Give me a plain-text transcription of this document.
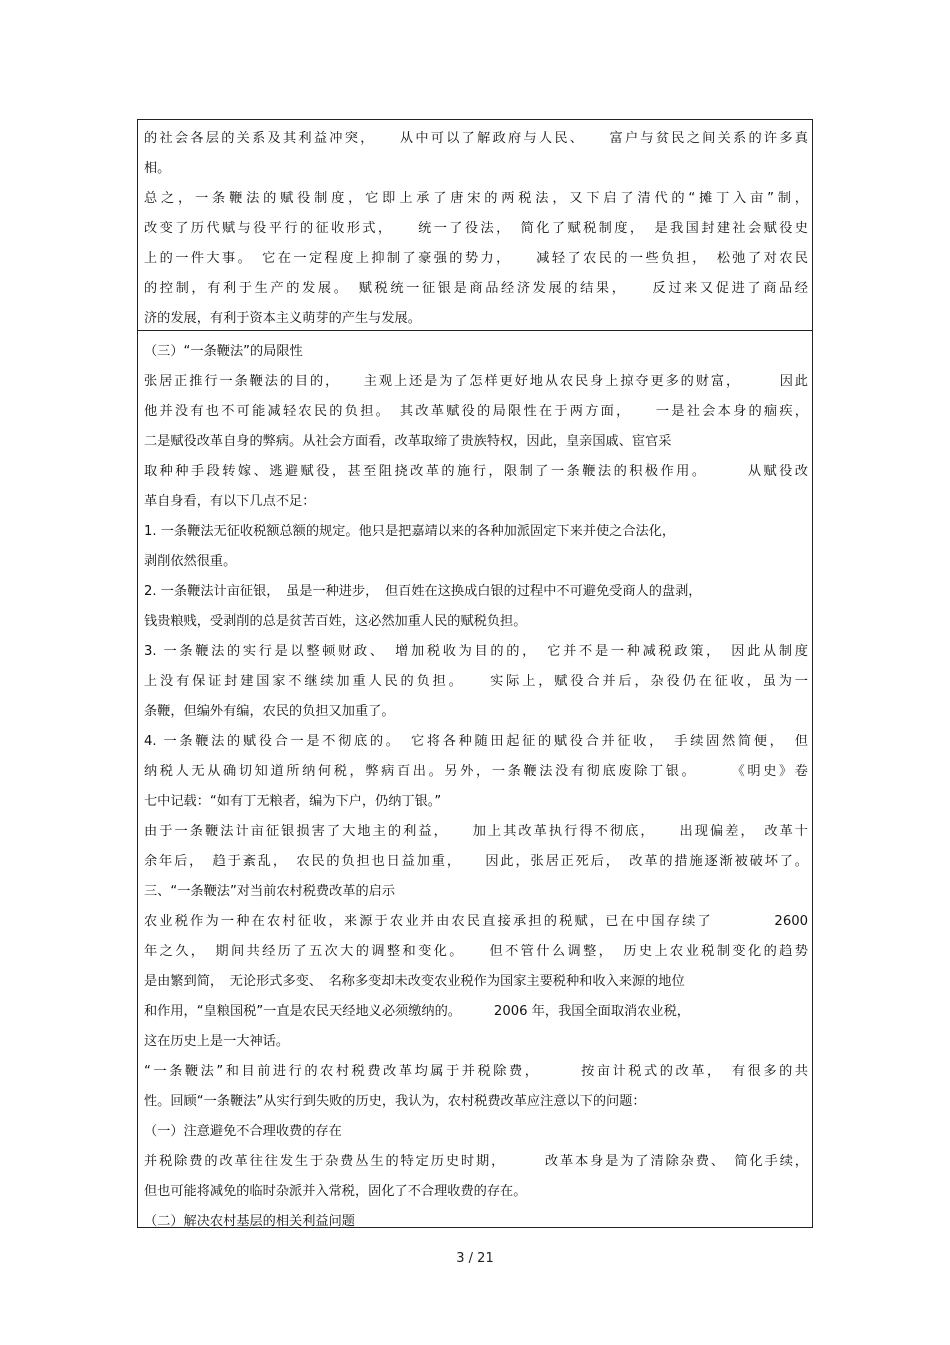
的社会各层的关系及其利益冲突，　　从中可以了解政府与人民、　　富户与贫民之间关系的许多真
相。
总之，一条鞭法的赋役制度，它即上承了唐宋的两税法，又下启了清代的“摊丁入亩”制，
改变了历代赋与役平行的征收形式，　　统一了役法，　简化了赋税制度，　是我国封建社会赋役史
上的一件大事。　它在一定程度上抑制了豪强的势力，　　减轻了农民的一些负担，　松弛了对农民
的控制，有利于生产的发展。　赋税统一征银是商品经济发展的结果，　　反过来又促进了商品经
济的发展，有利于资本主义萌芽的产生与发展。
（三）“一条鞭法”的局限性
张居正推行一条鞭法的目的，　　主观上还是为了怎样更好地从农民身上掠夺更多的财富，　　　因此
他并没有也不可能减轻农民的负担。　其改革赋役的局限性在于两方面，　　一是社会本身的痼疾，
二是赋役改革自身的弊病。从社会方面看，改革取缔了贵族特权，因此，皇亲国戚、宦官采
取种种手段转嫁、逃避赋役，甚至阻挠改革的施行，限制了一条鞭法的积极作用。　　　从赋役改
革自身看，有以下几点不足：
1. 一条鞭法无征收税额总额的规定。他只是把嘉靖以来的各种加派固定下来并使之合法化，
剥削依然很重。
2. 一条鞭法计亩征银，　虽是一种进步，　但百姓在这换成白银的过程中不可避免受商人的盘剥，
钱贵粮贱，受剥削的总是贫苦百姓，这必然加重人民的赋税负担。
3. 一条鞭法的实行是以整顿财政、　增加税收为目的的，　它并不是一种减税政策，　因此从制度
上没有保证封建国家不继续加重人民的负担。　　实际上，赋役合并后，杂役仍在征收，虽为一
条鞭，但编外有编，农民的负担又加重了。
4. 一条鞭法的赋役合一是不彻底的。　它将各种随田起征的赋役合并征收，　手续固然简便，　但
纳税人无从确切知道所纳何税，弊病百出。另外，一条鞭法没有彻底废除丁银。　　　《明史》卷
七中记载：“如有丁无粮者，编为下户，仍纳丁银。”
由于一条鞭法计亩征银损害了大地主的利益，　　加上其改革执行得不彻底，　　出现偏差，　改革十
余年后，　趋于紊乱，　农民的负担也日益加重，　　因此，张居正死后，　改革的措施逐渐被破坏了。
三、“一条鞭法”对当前农村税费改革的启示
农业税作为一种在农村征收，来源于农业并由农民直接承担的税赋，已在中国存续了　　　　2600
年之久，　期间共经历了五次大的调整和变化。　　但不管什么调整，　历史上农业税制变化的趋势
是由繁到简，　无论形式多变、　名称多变却未改变农业税作为国家主要税种和收入来源的地位
和作用，“皇粮国税”一直是农民天经地义必须缴纳的。　　　2006 年，我国全面取消农业税，
这在历史上是一大神话。
“一条鞭法”和目前进行的农村税费改革均属于并税除费，　　　按亩计税式的改革，　有很多的共
性。回顾“一条鞭法”从实行到失败的历史，我认为，农村税费改革应注意以下的问题：
（一）注意避免不合理收费的存在
并税除费的改革往往发生于杂费丛生的特定历史时期，　　　改革本身是为了清除杂费、　简化手续，
但也可能将减免的临时杂派并入常税，固化了不合理收费的存在。
（二）解决农村基层的相关利益问题
3 / 21
